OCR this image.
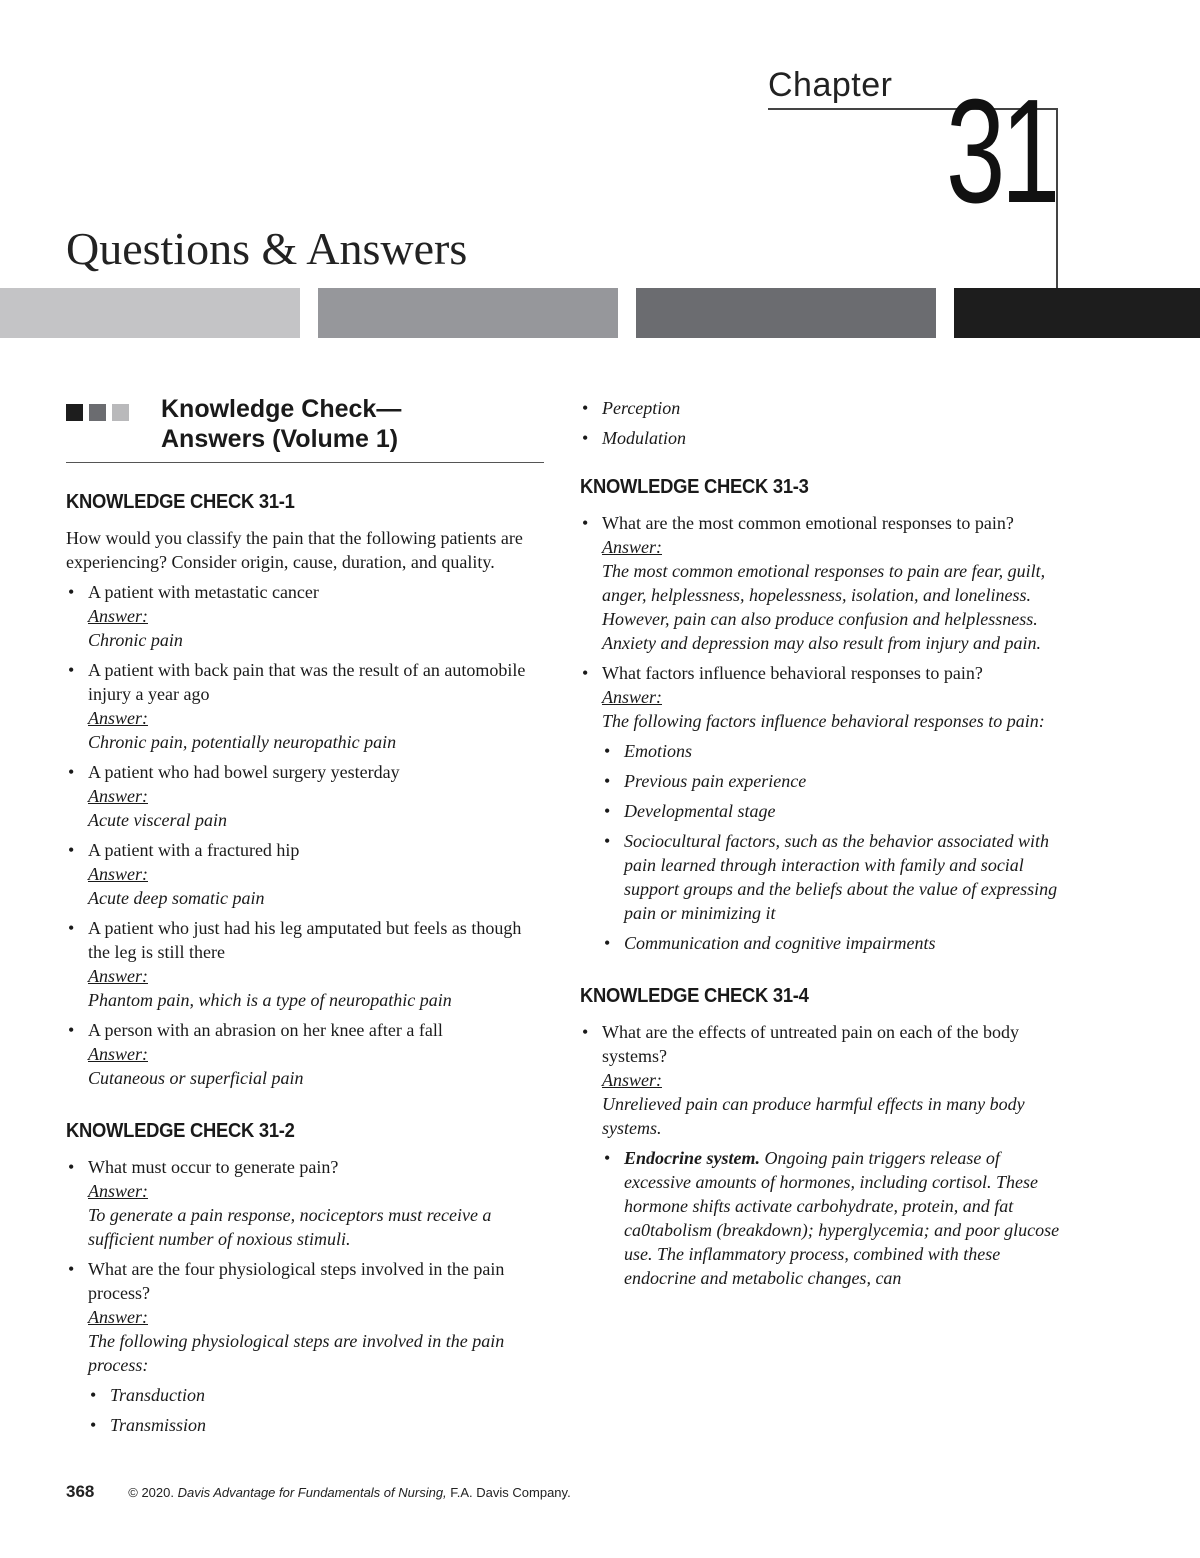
Chapter 31
Questions & Answers
Knowledge Check—
Answers (Volume 1)
KNOWLEDGE CHECK 31-1

How would you classify the pain that the following patients are experiencing? Consider origin, cause, duration, and quality.

• A patient with metastatic cancer
Answer:
Chronic pain
• A patient with back pain that was the result of an automobile injury a year ago
Answer:
Chronic pain, potentially neuropathic pain
• A patient who had bowel surgery yesterday
Answer:
Acute visceral pain
• A patient with a fractured hip
Answer:
Acute deep somatic pain
• A patient who just had his leg amputated but feels as though the leg is still there
Answer:
Phantom pain, which is a type of neuropathic pain
• A person with an abrasion on her knee after a fall
Answer:
Cutaneous or superficial pain
KNOWLEDGE CHECK 31-2
• What must occur to generate pain?
Answer:
To generate a pain response, nociceptors must receive a sufficient number of noxious stimuli.
• What are the four physiological steps involved in the pain process?
Answer:
The following physiological steps are involved in the pain process:
• Transduction
• Transmission
• Perception
• Modulation
KNOWLEDGE CHECK 31-3
• What are the most common emotional responses to pain?
Answer:
The most common emotional responses to pain are fear, guilt, anger, helplessness, hopelessness, isolation, and loneliness. However, pain can also produce confusion and helplessness. Anxiety and depression may also result from injury and pain.
• What factors influence behavioral responses to pain?
Answer:
The following factors influence behavioral responses to pain:
• Emotions
• Previous pain experience
• Developmental stage
• Sociocultural factors, such as the behavior associated with pain learned through interaction with family and social support groups and the beliefs about the value of expressing pain or minimizing it
• Communication and cognitive impairments
KNOWLEDGE CHECK 31-4
• What are the effects of untreated pain on each of the body systems?
Answer:
Unrelieved pain can produce harmful effects in many body systems.
• Endocrine system. Ongoing pain triggers release of excessive amounts of hormones, including cortisol. These hormone shifts activate carbohydrate, protein, and fat ca0tabolism (breakdown); hyperglycemia; and poor glucose use. The inflammatory process, combined with these endocrine and metabolic changes, can
368	© 2020. Davis Advantage for Fundamentals of Nursing, F.A. Davis Company.
